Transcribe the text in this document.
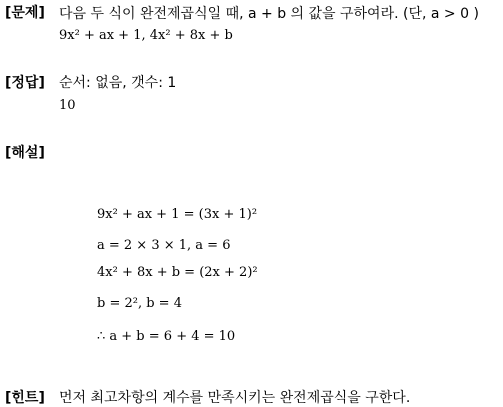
[문제] 다음 두 식이 완전제곱식일 때, a + b 의 값을 구하여라. (단, a > 0 )
9x² + ax + 1, 4x² + 8x + b
[정답] 순서: 없음, 갯수: 1
10
[해설]
9x² + ax + 1 = (3x + 1)²
a = 2 × 3 × 1, a = 6
4x² + 8x + b = (2x + 2)²
b = 2², b = 4
∴ a + b = 6 + 4 = 10
[힌트] 먼저 최고차항의 계수를 만족시키는 완전제곱식을 구한다.
